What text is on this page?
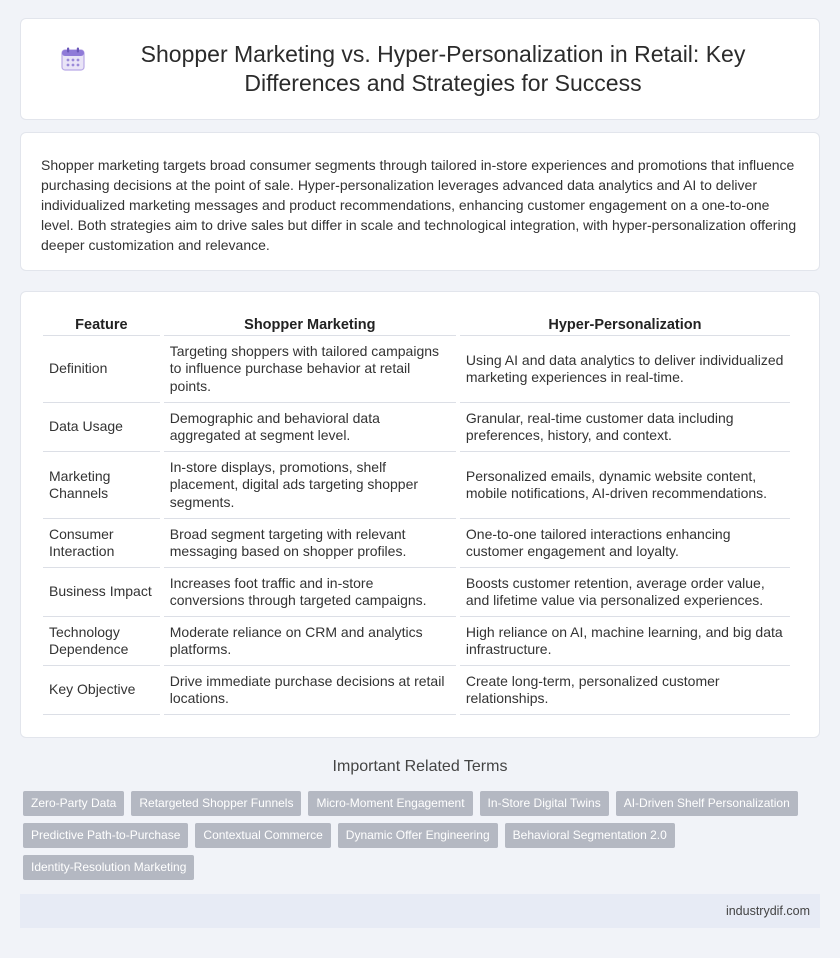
Shopper Marketing vs. Hyper-Personalization in Retail: Key Differences and Strategies for Success

Shopper marketing targets broad consumer segments through tailored in-store experiences and promotions that influence purchasing decisions at the point of sale. Hyper-personalization leverages advanced data analytics and AI to deliver individualized marketing messages and product recommendations, enhancing customer engagement on a one-to-one level. Both strategies aim to drive sales but differ in scale and technological integration, with hyper-personalization offering deeper customization and relevance.

Feature	Shopper Marketing	Hyper-Personalization
Definition	Targeting shoppers with tailored campaigns to influence purchase behavior at retail points.	Using AI and data analytics to deliver individualized marketing experiences in real-time.
Data Usage	Demographic and behavioral data aggregated at segment level.	Granular, real-time customer data including preferences, history, and context.
Marketing Channels	In-store displays, promotions, shelf placement, digital ads targeting shopper segments.	Personalized emails, dynamic website content, mobile notifications, AI-driven recommendations.
Consumer Interaction	Broad segment targeting with relevant messaging based on shopper profiles.	One-to-one tailored interactions enhancing customer engagement and loyalty.
Business Impact	Increases foot traffic and in-store conversions through targeted campaigns.	Boosts customer retention, average order value, and lifetime value via personalized experiences.
Technology Dependence	Moderate reliance on CRM and analytics platforms.	High reliance on AI, machine learning, and big data infrastructure.
Key Objective	Drive immediate purchase decisions at retail locations.	Create long-term, personalized customer relationships.
Important Related Terms
Zero-Party Data	Retargeted Shopper Funnels	Micro-Moment Engagement	In-Store Digital Twins	AI-Driven Shelf Personalization
Predictive Path-to-Purchase	Contextual Commerce	Dynamic Offer Engineering	Behavioral Segmentation 2.0
Identity-Resolution Marketing
industrydif.com
